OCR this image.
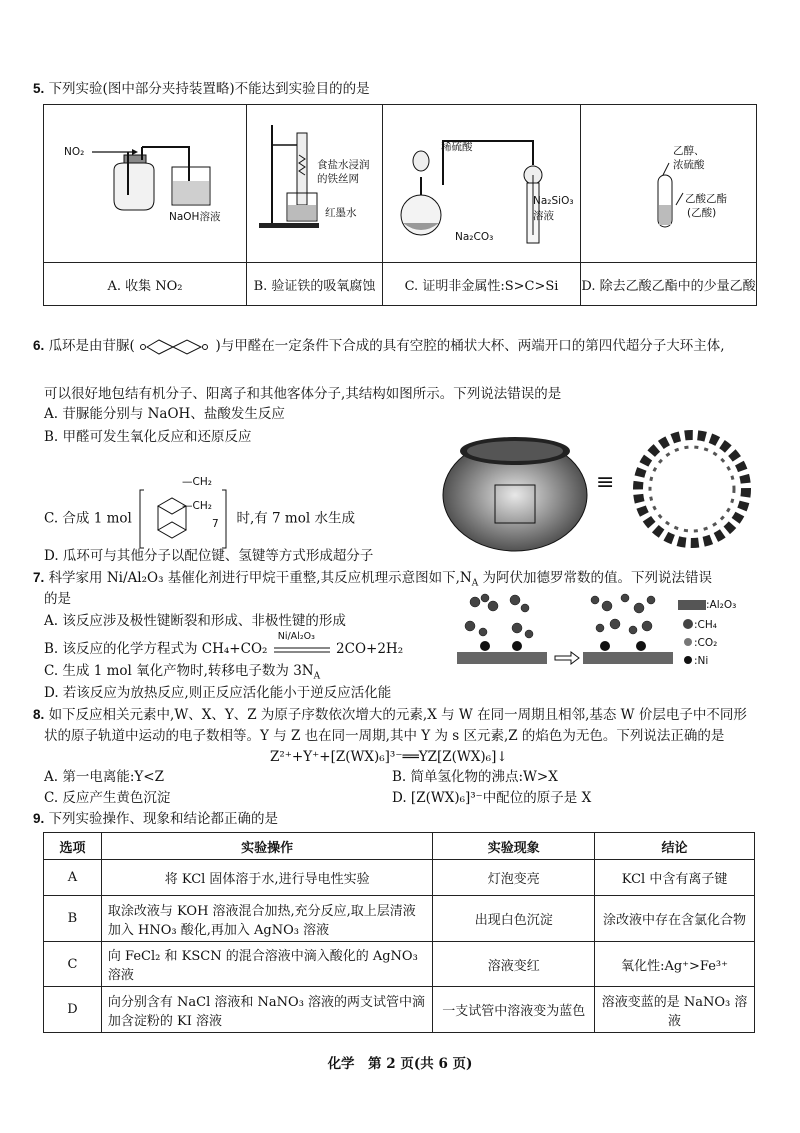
5. 下列实验(图中部分夹持装置略)不能达到实验目的的是
NO₂
NaOH溶液
A. 收集 NO₂
食盐水浸润
的铁丝网
红墨水
B. 验证铁的吸氧腐蚀
稀硫酸
Na₂SiO₃
溶液
Na₂CO₃
C. 证明非金属性:S>C>Si
乙醇、
浓硫酸
乙酸乙酯
(乙酸)
D. 除去乙酸乙酯中的少量乙酸
6. 瓜环是由苷脲(	)与甲醛在一定条件下合成的具有空腔的桶状大杯、两端开口的第四代超分子大环主体,
可以很好地包结有机分子、阳离子和其他客体分子,其结构如图所示。下列说法错误的是
A. 苷脲能分别与 NaOH、盐酸发生反应
B. 甲醛可发生氧化反应和还原反应
C. 合成 1 mol	时,有 7 mol 水生成
—CH₂
—CH₂
7
D. 瓜环可与其他分子以配位键、氢键等方式形成超分子
≡
7. 科学家用 Ni/Al₂O₃ 基催化剂进行甲烷干重整,其反应机理示意图如下$,N_A$ 为阿伏加德罗常数的值。下列说法错误
的是
A. 该反应涉及极性键断裂和形成、非极性键的形成
B. 该反应的化学方程式为 CH₄+CO₂
Ni/Al₂O₃
2CO+2H₂
C. 生成 1 mol 氧化产物时,转移电子数为 $3N_A$
D. 若该反应为放热反应,则正反应活化能小于逆反应活化能
:Al₂O₃
:CH₄
:CO₂
:Ni
8. 如下反应相关元素中,W、X、Y、Z 为原子序数依次增大的元素,X 与 W 在同一周期且相邻,基态 W 价层电子中不同形
状的原子轨道中运动的电子数相等。Y 与 Z 也在同一周期,其中 Y 为 s 区元素,Z 的焰色为无色。下列说法正确的是
Z²⁺+Y⁺+[Z(WX)₆]³⁻══YZ[Z(WX)₆]↓
A. 第一电离能:Y<Z	B. 简单氢化物的沸点:W>X
C. 反应产生黄色沉淀	D. [Z(WX)₆]³⁻中配位的原子是 X
9. 下列实验操作、现象和结论都正确的是
选项	实验操作	实验现象	结论
A	将 KCl 固体溶于水,进行导电性实验	灯泡变亮	KCl 中含有离子键
B	取涂改液与 KOH 溶液混合加热,充分反应,取上层清液加入 HNO₃ 酸化,再加入 AgNO₃ 溶液	出现白色沉淀	涂改液中存在含氯化合物
C	向 FeCl₂ 和 KSCN 的混合溶液中滴入酸化的 AgNO₃ 溶液	溶液变红	氧化性:Ag⁺>Fe³⁺
D	向分别含有 NaCl 溶液和 NaNO₃ 溶液的两支试管中滴加含淀粉的 KI 溶液	一支试管中溶液变为蓝色	溶液变蓝的是 NaNO₃ 溶液
化学　第 2 页(共 6 页)
